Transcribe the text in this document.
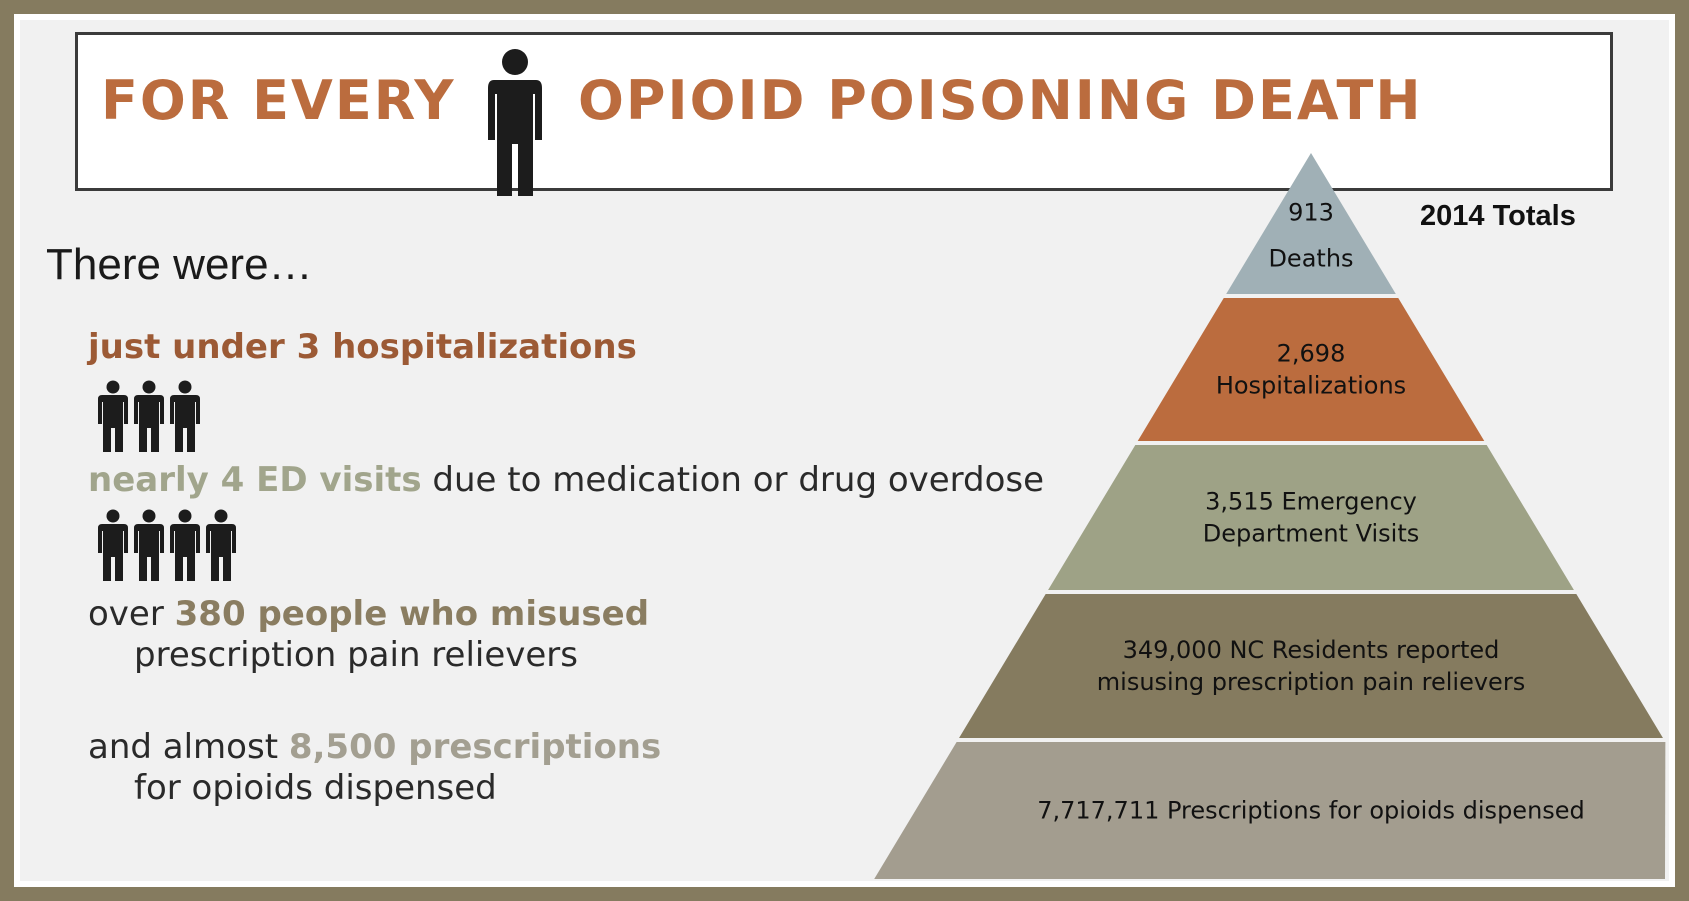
FOR EVERY OPIOID POISONING DEATH
There were…
just under 3 hospitalizations
nearly 4 ED visits due to medication or drug overdose
over 380 people who misused
prescription pain relievers
and almost 8,500 prescriptions
for opioids dispensed
913
Deaths
2,698
Hospitalizations
3,515 Emergency
Department Visits
349,000 NC Residents reported
misusing prescription pain relievers
7,717,711 Prescriptions for opioids dispensed
2014 Totals
